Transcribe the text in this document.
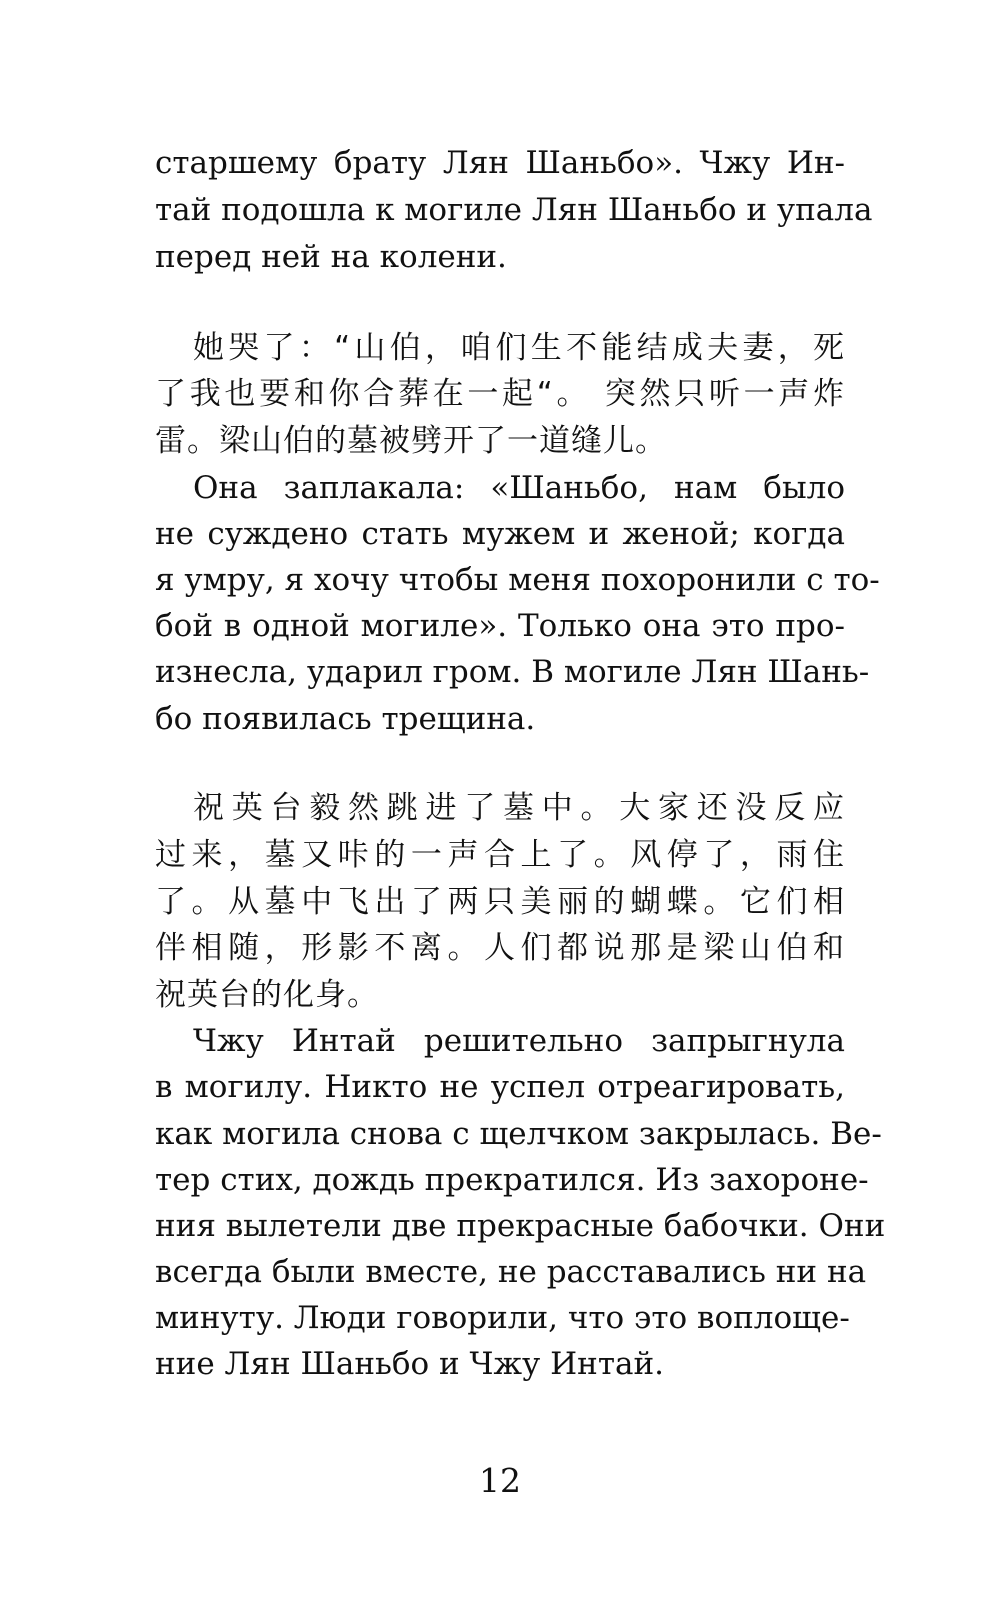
старшему брату Лян Шаньбо». Чжу Ин-
тай подошла к могиле Лян Шаньбо и упала
перед ней на колени.
她哭了：“山伯，咱们生不能结成夫妻，死
了我也要和你合葬在一起“。 突然只听一声炸
雷。梁山伯的墓被劈开了一道缝儿。
Она заплакала: «Шаньбо, нам было
не суждено стать мужем и женой; когда
я умру, я хочу чтобы меня похоронили с то-
бой в одной могиле». Только она это про-
изнесла, ударил гром. В могиле Лян Шань-
бо появилась трещина.
祝英台毅然跳进了墓中。大家还没反应
过来，墓又咔的一声合上了。风停了，雨住
了。从墓中飞出了两只美丽的蝴蝶。它们相
伴相随，形影不离。人们都说那是梁山伯和
祝英台的化身。
Чжу Интай решительно запрыгнула
в могилу. Никто не успел отреагировать,
как могила снова с щелчком закрылась. Ве-
тер стих, дождь прекратился. Из захороне-
ния вылетели две прекрасные бабочки. Они
всегда были вместе, не расставались ни на
минуту. Люди говорили, что это воплоще-
ние Лян Шаньбо и Чжу Интай.
12
